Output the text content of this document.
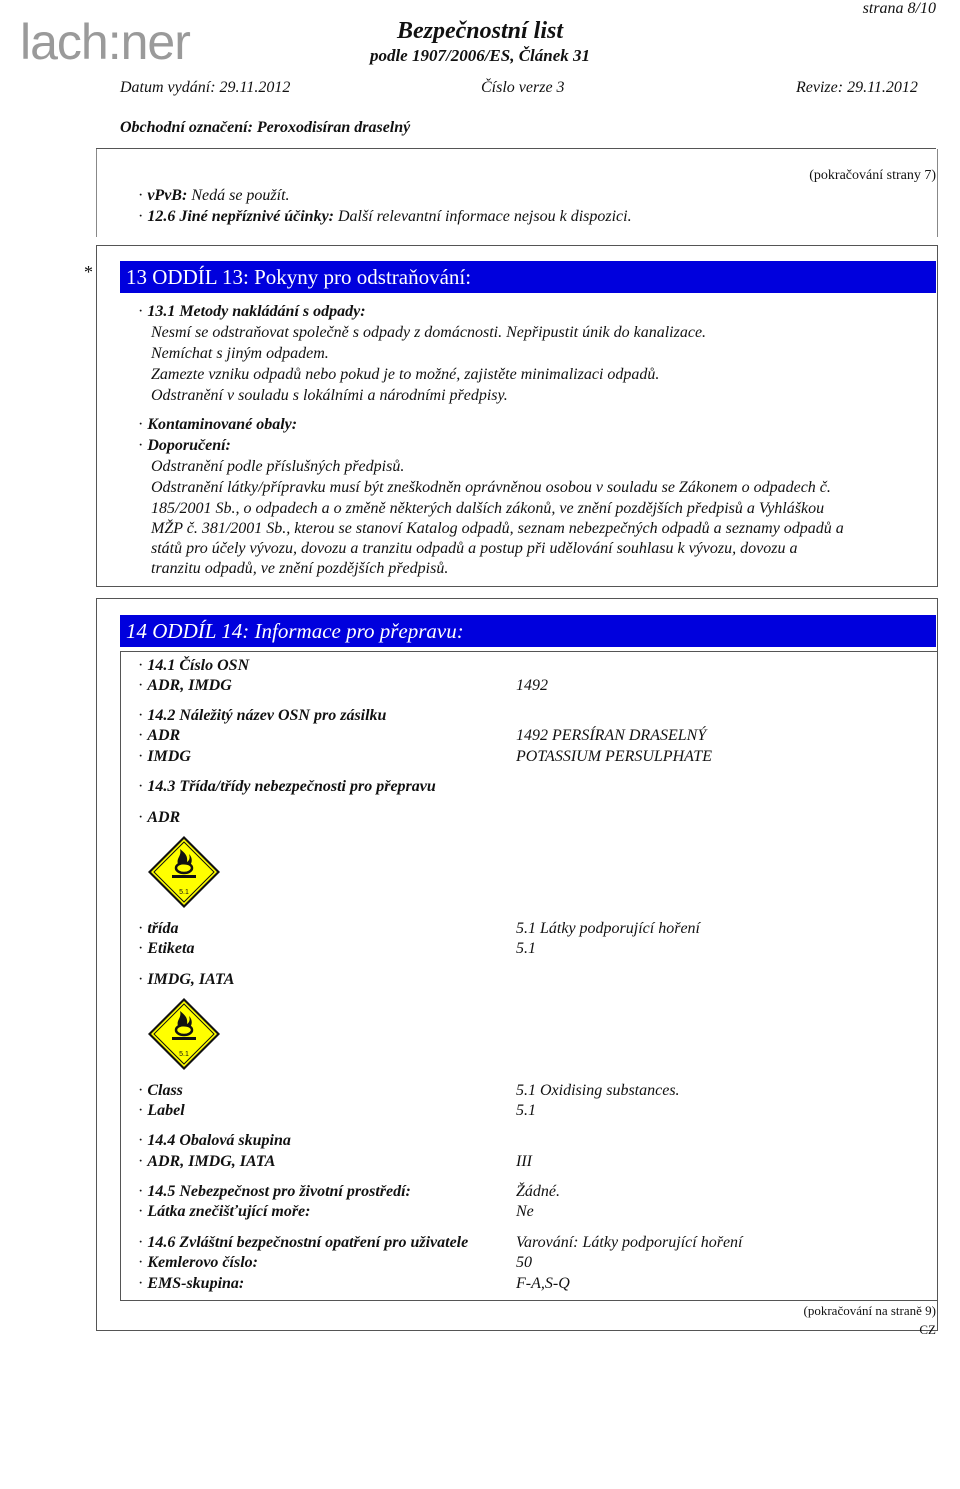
lach:ner
strana 8/10
Bezpečnostní list
podle 1907/2006/ES, Článek 31
Datum vydání: 29.11.2012	Číslo verze 3	Revize: 29.11.2012
Obchodní označení: Peroxodisíran draselný
(pokračování strany 7)
· vPvB: Nedá se použít.
· 12.6 Jiné nepříznivé účinky: Další relevantní informace nejsou k dispozici.
* 13 ODDÍL 13: Pokyny pro odstraňování:
· 13.1 Metody nakládání s odpady:
Nesmí se odstraňovat společně s odpady z domácnosti. Nepřipustit únik do kanalizace.
Nemíchat s jiným odpadem.
Zamezte vzniku odpadů nebo pokud je to možné, zajistěte minimalizaci odpadů.
Odstranění v souladu s lokálními a národními předpisy.
· Kontaminované obaly:
· Doporučení:
Odstranění podle příslušných předpisů.
Odstranění látky/přípravku musí být zneškodněn oprávněnou osobou v souladu se Zákonem o odpadech č.
185/2001 Sb., o odpadech a o změně některých dalších zákonů, ve znění pozdějších předpisů a Vyhláškou
MŽP č. 381/2001 Sb., kterou se stanoví Katalog odpadů, seznam nebezpečných odpadů a seznamy odpadů a
států pro účely vývozu, dovozu a tranzitu odpadů a postup při udělování souhlasu k vývozu, dovozu a
tranzitu odpadů, ve znění pozdějších předpisů.
14 ODDÍL 14: Informace pro přepravu:
· 14.1 Číslo OSN
· ADR, IMDG	1492
· 14.2 Náležitý název OSN pro zásilku
· ADR	1492 PERSÍRAN DRASELNÝ
· IMDG	POTASSIUM PERSULPHATE
· 14.3 Třída/třídy nebezpečnosti pro přepravu
· ADR
5.1
· třída	5.1 Látky podporující hoření
· Etiketa	5.1
· IMDG, IATA
5.1
· Class	5.1 Oxidising substances.
· Label	5.1
· 14.4 Obalová skupina
· ADR, IMDG, IATA	III
· 14.5 Nebezpečnost pro životní prostředí:	Žádné.
· Látka znečišťující moře:	Ne
· 14.6 Zvláštní bezpečnostní opatření pro uživatele	Varování: Látky podporující hoření
· Kemlerovo číslo:	50
· EMS-skupina:	F-A,S-Q
(pokračování na straně 9)
CZ
